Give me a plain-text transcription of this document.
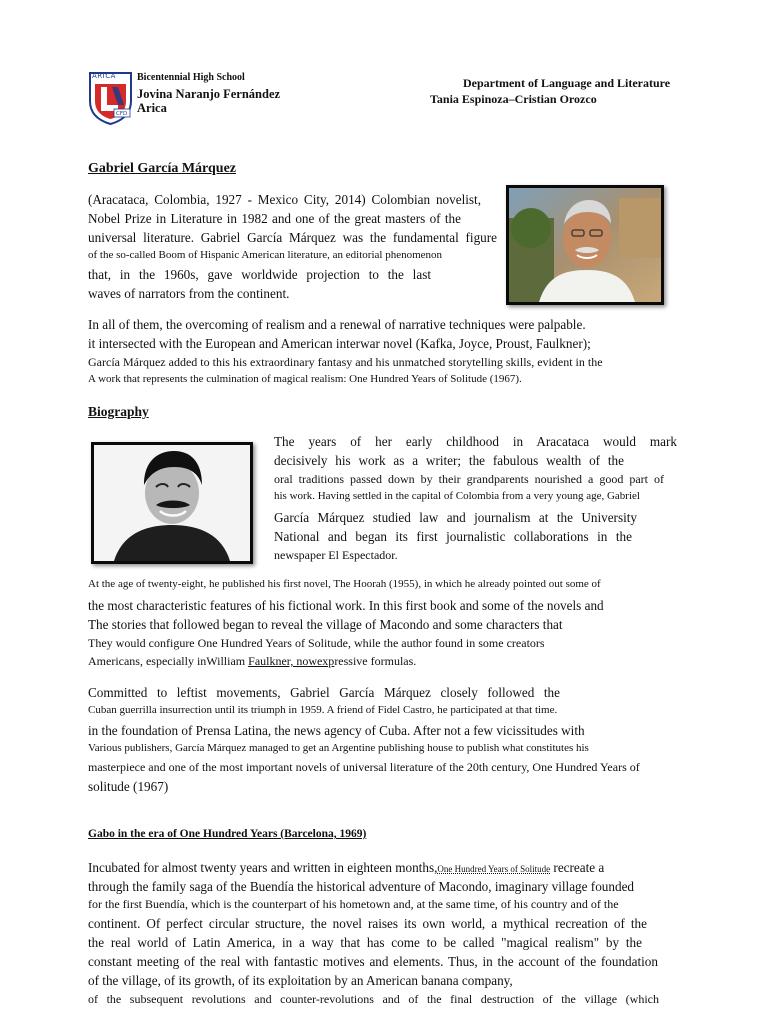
ARICA
CFD
Bicentennial High School
Jovina Naranjo Fernández
Arica
Department of Language and Literature
Tania Espinoza–Cristian Orozco
Gabriel García Márquez
(Aracataca, Colombia, 1927 - Mexico City, 2014) Colombian novelist,
Nobel Prize in Literature in 1982 and one of the great masters of the
universal literature. Gabriel García Márquez was the fundamental figure
of the so-called Boom of Hispanic American literature, an editorial phenomenon
that, in the 1960s, gave worldwide projection to the last
waves of narrators from the continent.
In all of them, the overcoming of realism and a renewal of narrative techniques were palpable.
it intersected with the European and American interwar novel (Kafka, Joyce, Proust, Faulkner);
García Márquez added to this his extraordinary fantasy and his unmatched storytelling skills, evident in the
A work that represents the culmination of magical realism: One Hundred Years of Solitude (1967).
Biography
The years of her early childhood in Aracataca would mark
decisively his work as a writer; the fabulous wealth of the
oral traditions passed down by their grandparents nourished a good part of
his work. Having settled in the capital of Colombia from a very young age, Gabriel
García Márquez studied law and journalism at the University
National and began its first journalistic collaborations in the
newspaper El Espectador.
At the age of twenty-eight, he published his first novel, The Hoorah (1955), in which he already pointed out some of
the most characteristic features of his fictional work. In this first book and some of the novels and
The stories that followed began to reveal the village of Macondo and some characters that
They would configure One Hundred Years of Solitude, while the author found in some creators
Americans, especially inWilliam Faulkner, nowexpressive formulas.
Committed to leftist movements, Gabriel García Márquez closely followed the
Cuban guerrilla insurrection until its triumph in 1959. A friend of Fidel Castro, he participated at that time.
in the foundation of Prensa Latina, the news agency of Cuba. After not a few vicissitudes with
Various publishers, García Márquez managed to get an Argentine publishing house to publish what constitutes his
masterpiece and one of the most important novels of universal literature of the 20th century, One Hundred Years of
solitude (1967)
Gabo in the era of One Hundred Years (Barcelona, 1969)
Incubated for almost twenty years and written in eighteen months,One Hundred Years of Solitude recreate a
through the family saga of the Buendía the historical adventure of Macondo, imaginary village founded
for the first Buendía, which is the counterpart of his hometown and, at the same time, of his country and of the
continent. Of perfect circular structure, the novel raises its own world, a mythical recreation of the
the real world of Latin America, in a way that has come to be called "magical realism" by the
constant meeting of the real with fantastic motives and elements. Thus, in the account of the foundation
of the village, of its growth, of its exploitation by an American banana company,
of the subsequent revolutions and counter-revolutions and of the final destruction of the village (which
